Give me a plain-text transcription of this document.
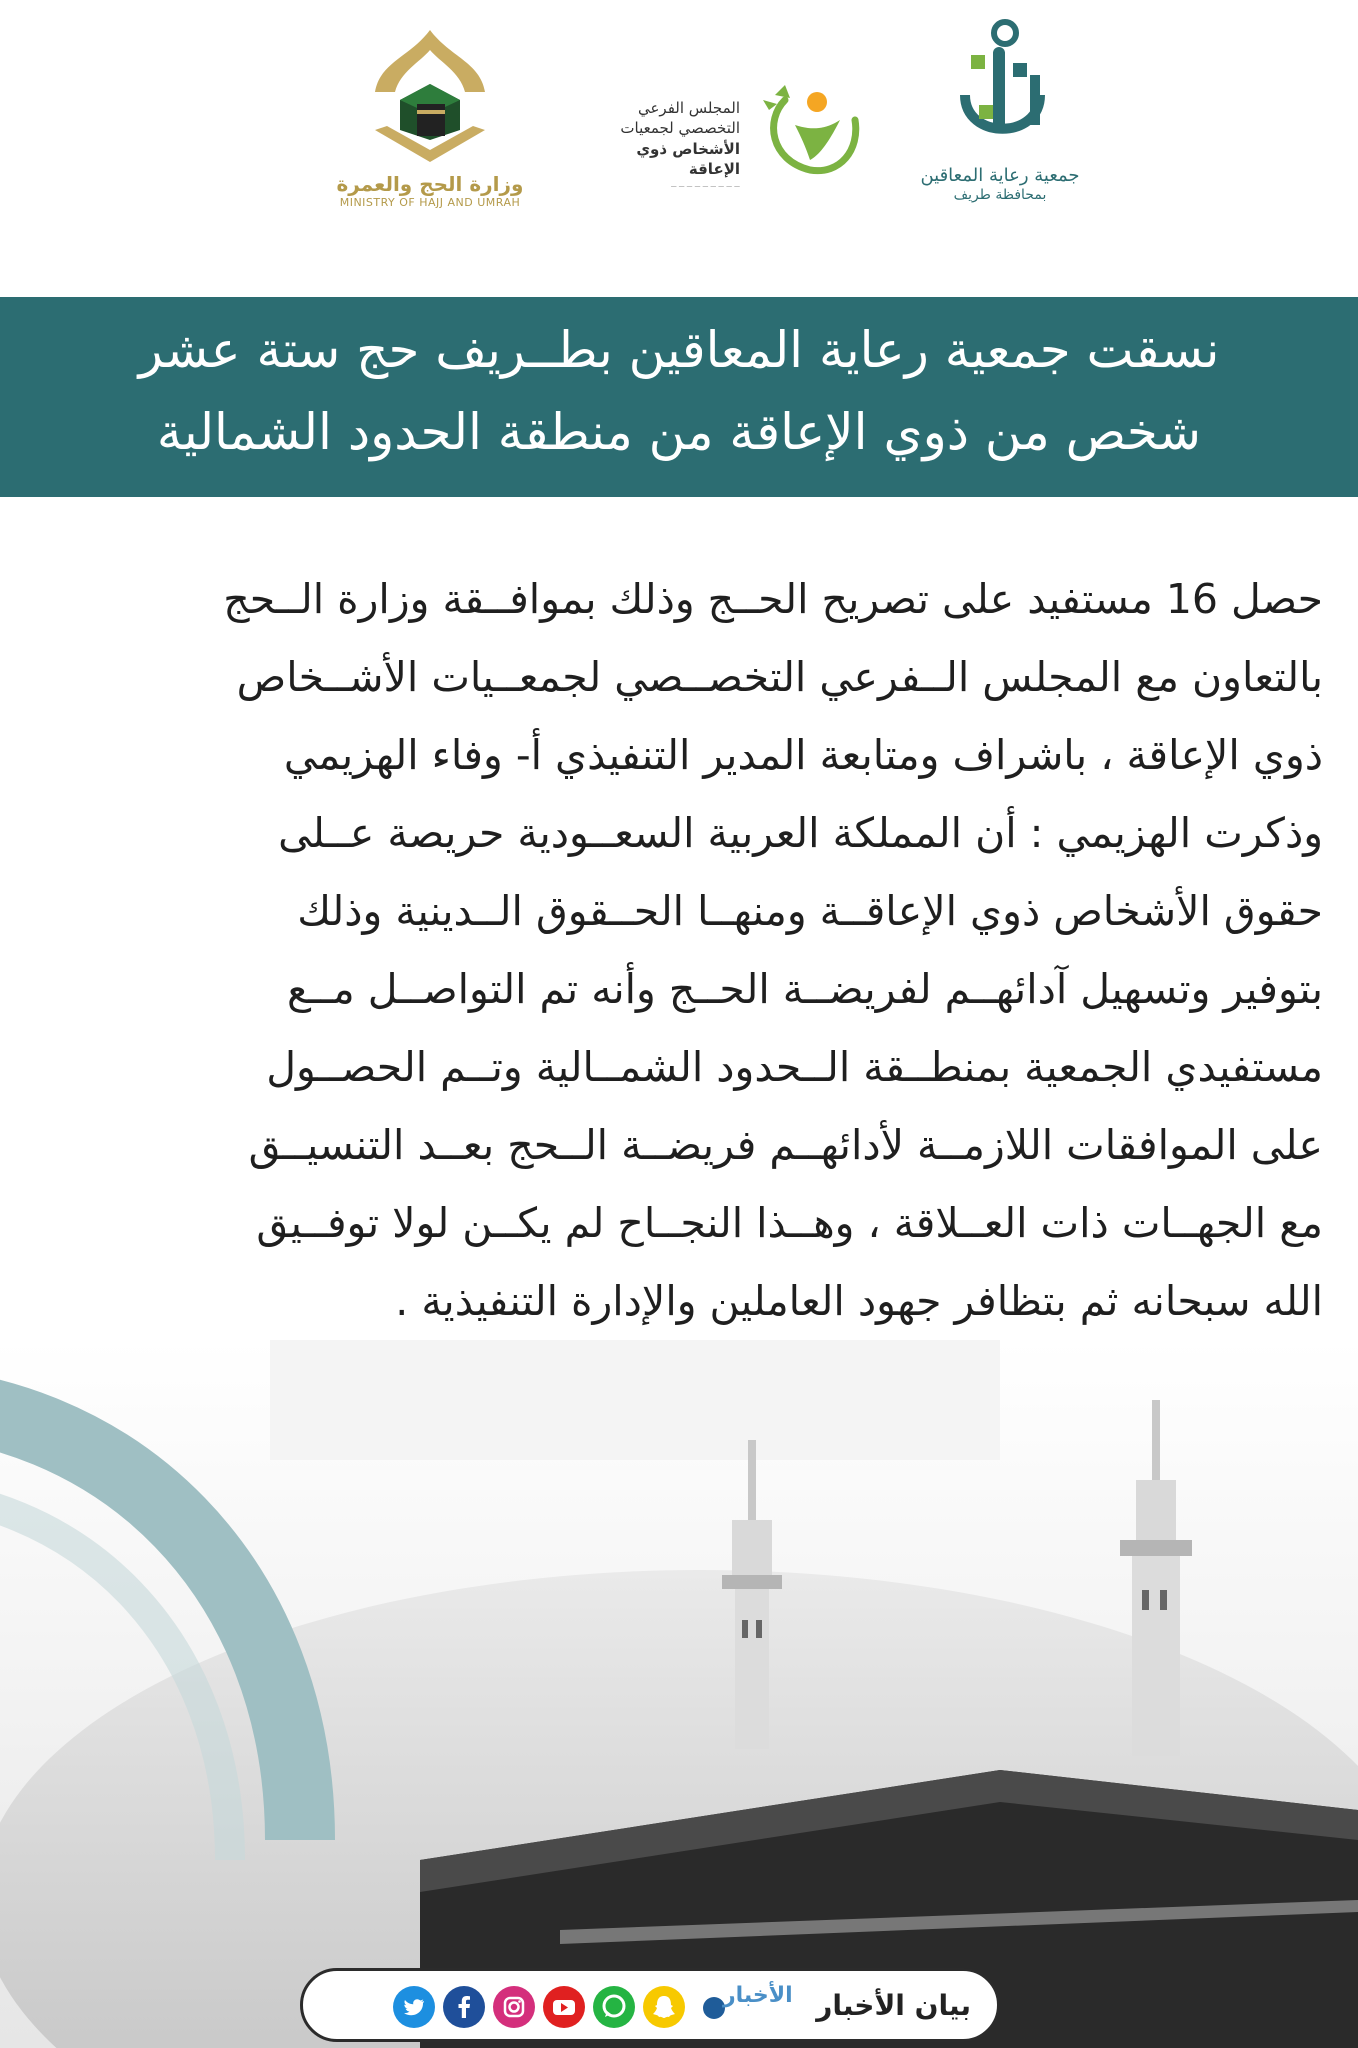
وزارة الحج والعمرة
MINISTRY OF HAJJ AND UMRAH
المجلس الفرعي
التخصصي لجمعيات
الأشخاص ذوي الإعاقة
— — — — — — — — —
جمعية رعاية المعاقين
بمحافظة طريف
نسقت جمعية رعاية المعاقين بطــريف حج ستة عشر
شخص من ذوي الإعاقة من منطقة الحدود الشمالية
حصل 16 مستفيد على تصريح الحــج وذلك بموافــقة وزارة الــحج
بالتعاون مع المجلس الــفرعي التخصــصي لجمعــيات الأشــخاص
ذوي الإعاقة ، باشراف ومتابعة المدير التنفيذي أ- وفاء الهزيمي
وذكرت الهزيمي : أن المملكة العربية السعــودية حريصة عــلى
حقوق الأشخاص ذوي الإعاقــة ومنهــا الحــقوق الــدينية وذلك
بتوفير وتسهيل آدائهــم لفريضــة الحــج وأنه تم التواصــل مــع
مستفيدي الجمعية بمنطــقة الــحدود الشمــالية وتــم الحصــول
على الموافقات اللازمــة لأدائهــم فريضــة الــحج بعــد التنسيــق
مع الجهــات ذات العــلاقة ، وهــذا النجــاح لم يكــن لولا توفــيق
الله سبحانه ثم بتظافر جهود العاملين والإدارة التنفيذية .
بيان الأخبار
الأخبار
